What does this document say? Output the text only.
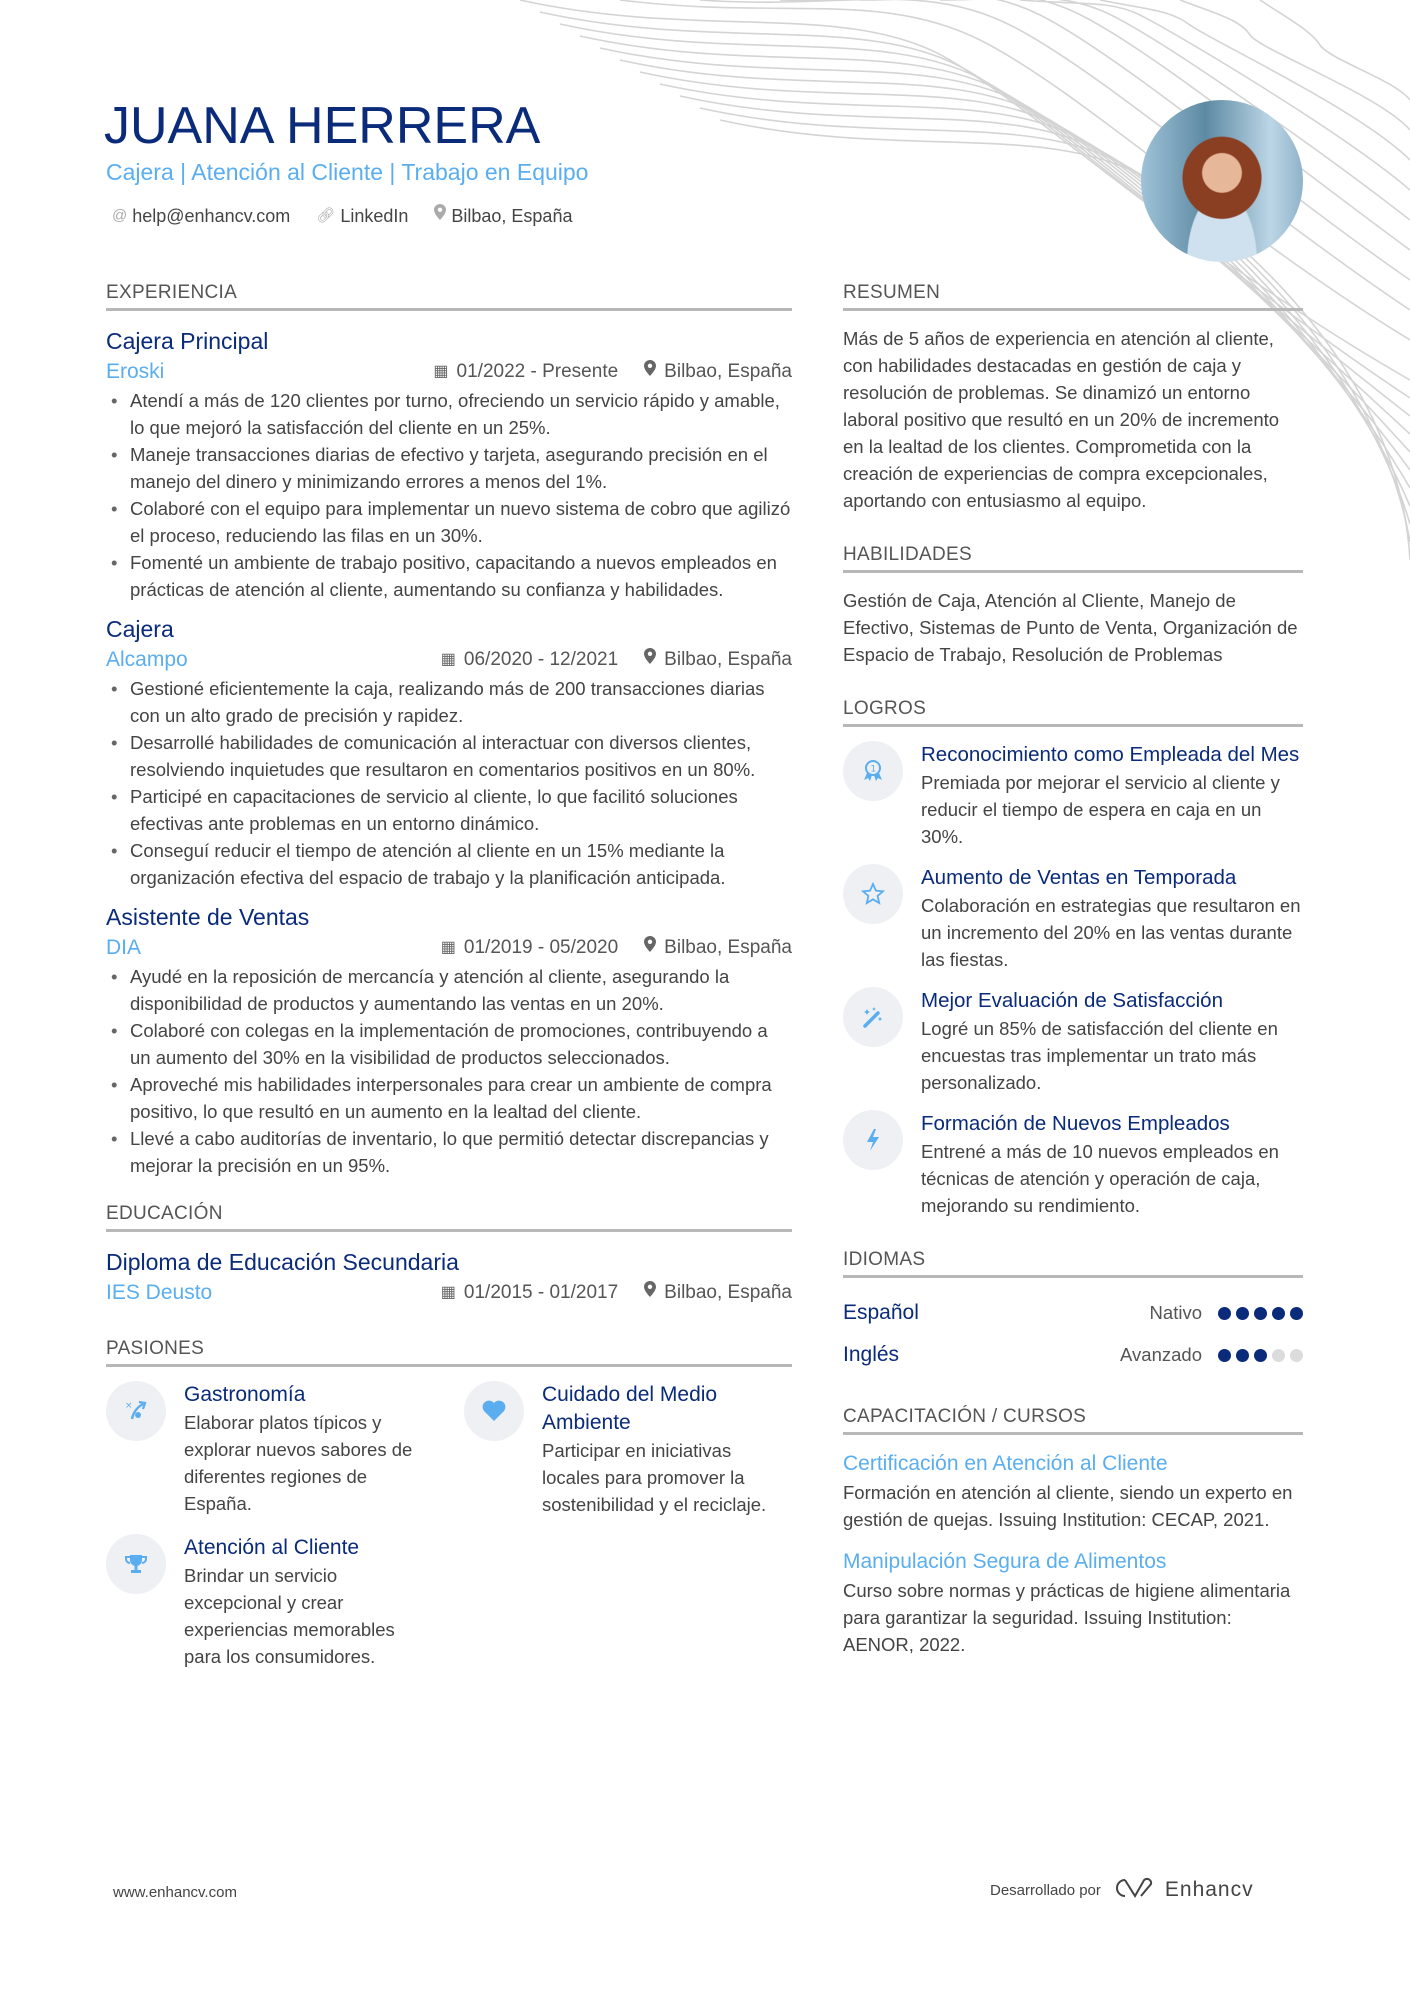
JUANA HERRERA
Cajera | Atención al Cliente | Trabajo en Equipo
@ help@enhancv.com 🔗︎ LinkedIn Bilbao, España
EXPERIENCIA
Cajera Principal
Eroski	▦ 01/2022 - Presente Bilbao, España
• Atendí a más de 120 clientes por turno, ofreciendo un servicio rápido y amable, lo que mejoró la satisfacción del cliente en un 25%.
• Maneje transacciones diarias de efectivo y tarjeta, asegurando precisión en el manejo del dinero y minimizando errores a menos del 1%.
• Colaboré con el equipo para implementar un nuevo sistema de cobro que agilizó el proceso, reduciendo las filas en un 30%.
• Fomenté un ambiente de trabajo positivo, capacitando a nuevos empleados en prácticas de atención al cliente, aumentando su confianza y habilidades.
Cajera
Alcampo	▦ 06/2020 - 12/2021 Bilbao, España
• Gestioné eficientemente la caja, realizando más de 200 transacciones diarias con un alto grado de precisión y rapidez.
• Desarrollé habilidades de comunicación al interactuar con diversos clientes, resolviendo inquietudes que resultaron en comentarios positivos en un 80%.
• Participé en capacitaciones de servicio al cliente, lo que facilitó soluciones efectivas ante problemas en un entorno dinámico.
• Conseguí reducir el tiempo de atención al cliente en un 15% mediante la organización efectiva del espacio de trabajo y la planificación anticipada.
Asistente de Ventas
DIA	▦ 01/2019 - 05/2020 Bilbao, España
• Ayudé en la reposición de mercancía y atención al cliente, asegurando la disponibilidad de productos y aumentando las ventas en un 20%.
• Colaboré con colegas en la implementación de promociones, contribuyendo a un aumento del 30% en la visibilidad de productos seleccionados.
• Aproveché mis habilidades interpersonales para crear un ambiente de compra positivo, lo que resultó en un aumento en la lealtad del cliente.
• Llevé a cabo auditorías de inventario, lo que permitió detectar discrepancias y mejorar la precisión en un 95%.
EDUCACIÓN
Diploma de Educación Secundaria
IES Deusto	▦ 01/2015 - 01/2017 Bilbao, España
PASIONES
× Gastronomía
Elaborar platos típicos y explorar nuevos sabores de diferentes regiones de España.
Cuidado del Medio Ambiente
Participar en iniciativas locales para promover la sostenibilidad y el reciclaje.
Atención al Cliente
Brindar un servicio excepcional y crear experiencias memorables para los consumidores.
RESUMEN
Más de 5 años de experiencia en atención al cliente, con habilidades destacadas en gestión de caja y resolución de problemas. Se dinamizó un entorno laboral positivo que resultó en un 20% de incremento en la lealtad de los clientes. Comprometida con la creación de experiencias de compra excepcionales, aportando con entusiasmo al equipo.
HABILIDADES
Gestión de Caja, Atención al Cliente, Manejo de Efectivo, Sistemas de Punto de Venta, Organización de Espacio de Trabajo, Resolución de Problemas
LOGROS
1
Reconocimiento como Empleada del Mes
Premiada por mejorar el servicio al cliente y reducir el tiempo de espera en caja en un 30%.
Aumento de Ventas en Temporada
Colaboración en estrategias que resultaron en un incremento del 20% en las ventas durante las fiestas.
Mejor Evaluación de Satisfacción
Logré un 85% de satisfacción del cliente en encuestas tras implementar un trato más personalizado.
Formación de Nuevos Empleados
Entrené a más de 10 nuevos empleados en técnicas de atención y operación de caja, mejorando su rendimiento.
IDIOMAS
Español	Nativo
Inglés	Avanzado
CAPACITACIÓN / CURSOS
Certificación en Atención al Cliente
Formación en atención al cliente, siendo un experto en gestión de quejas. Issuing Institution: CECAP, 2021.
Manipulación Segura de Alimentos
Curso sobre normas y prácticas de higiene alimentaria para garantizar la seguridad. Issuing Institution: AENOR, 2022.
www.enhancv.com	Desarrollado por	Enhancv
